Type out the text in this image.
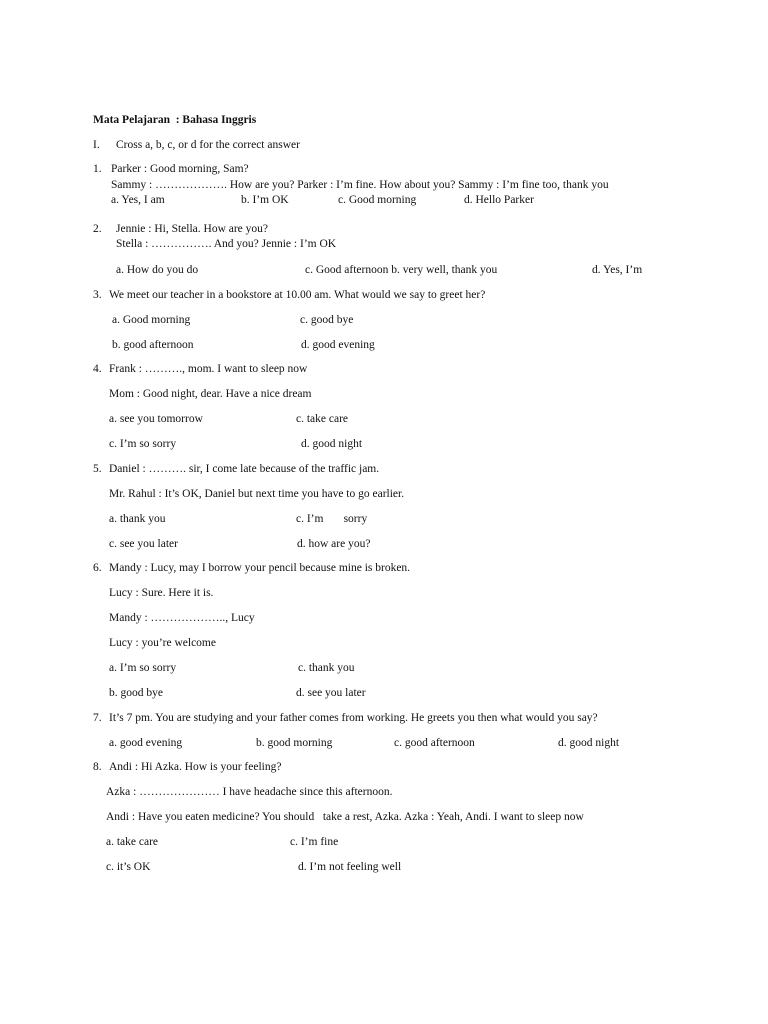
Mata Pelajaran  : Bahasa Inggris
I. Cross a, b, c, or d for the correct answer
1. Parker : Good morning, Sam?
Sammy : ………………. How are you? Parker : I’m fine. How about you? Sammy : I’m fine too, thank you
a. Yes, I am	b. I’m OK	c. Good morning	d. Hello Parker
2. Jennie : Hi, Stella. How are you?
Stella : ……………. And you? Jennie : I’m OK
a. How do you do	c. Good afternoon b. very well, thank you	d. Yes, I’m
3. We meet our teacher in a bookstore at 10.00 am. What would we say to greet her?
a. Good morning	c. good bye
b. good afternoon	d. good evening
4. Frank : ………., mom. I want to sleep now
Mom : Good night, dear. Have a nice dream
a. see you tomorrow	c. take care
c. I’m so sorry	d. good night
5. Daniel : ………. sir, I come late because of the traffic jam.
Mr. Rahul : It’s OK, Daniel but next time you have to go earlier.
a. thank you	c. I’m       sorry
c. see you later	d. how are you?
6. Mandy : Lucy, may I borrow your pencil because mine is broken.
Lucy : Sure. Here it is.
Mandy : ……………….., Lucy
Lucy : you’re welcome
a. I’m so sorry	c. thank you
b. good bye	d. see you later
7. It’s 7 pm. You are studying and your father comes from working. He greets you then what would you say?
a. good evening	b. good morning	c. good afternoon	d. good night
8. Andi : Hi Azka. How is your feeling?
Azka : ………………… I have headache since this afternoon.
Andi : Have you eaten medicine? You should   take a rest, Azka. Azka : Yeah, Andi. I want to sleep now
a. take care	c. I’m fine
c. it’s OK	d. I’m not feeling well
